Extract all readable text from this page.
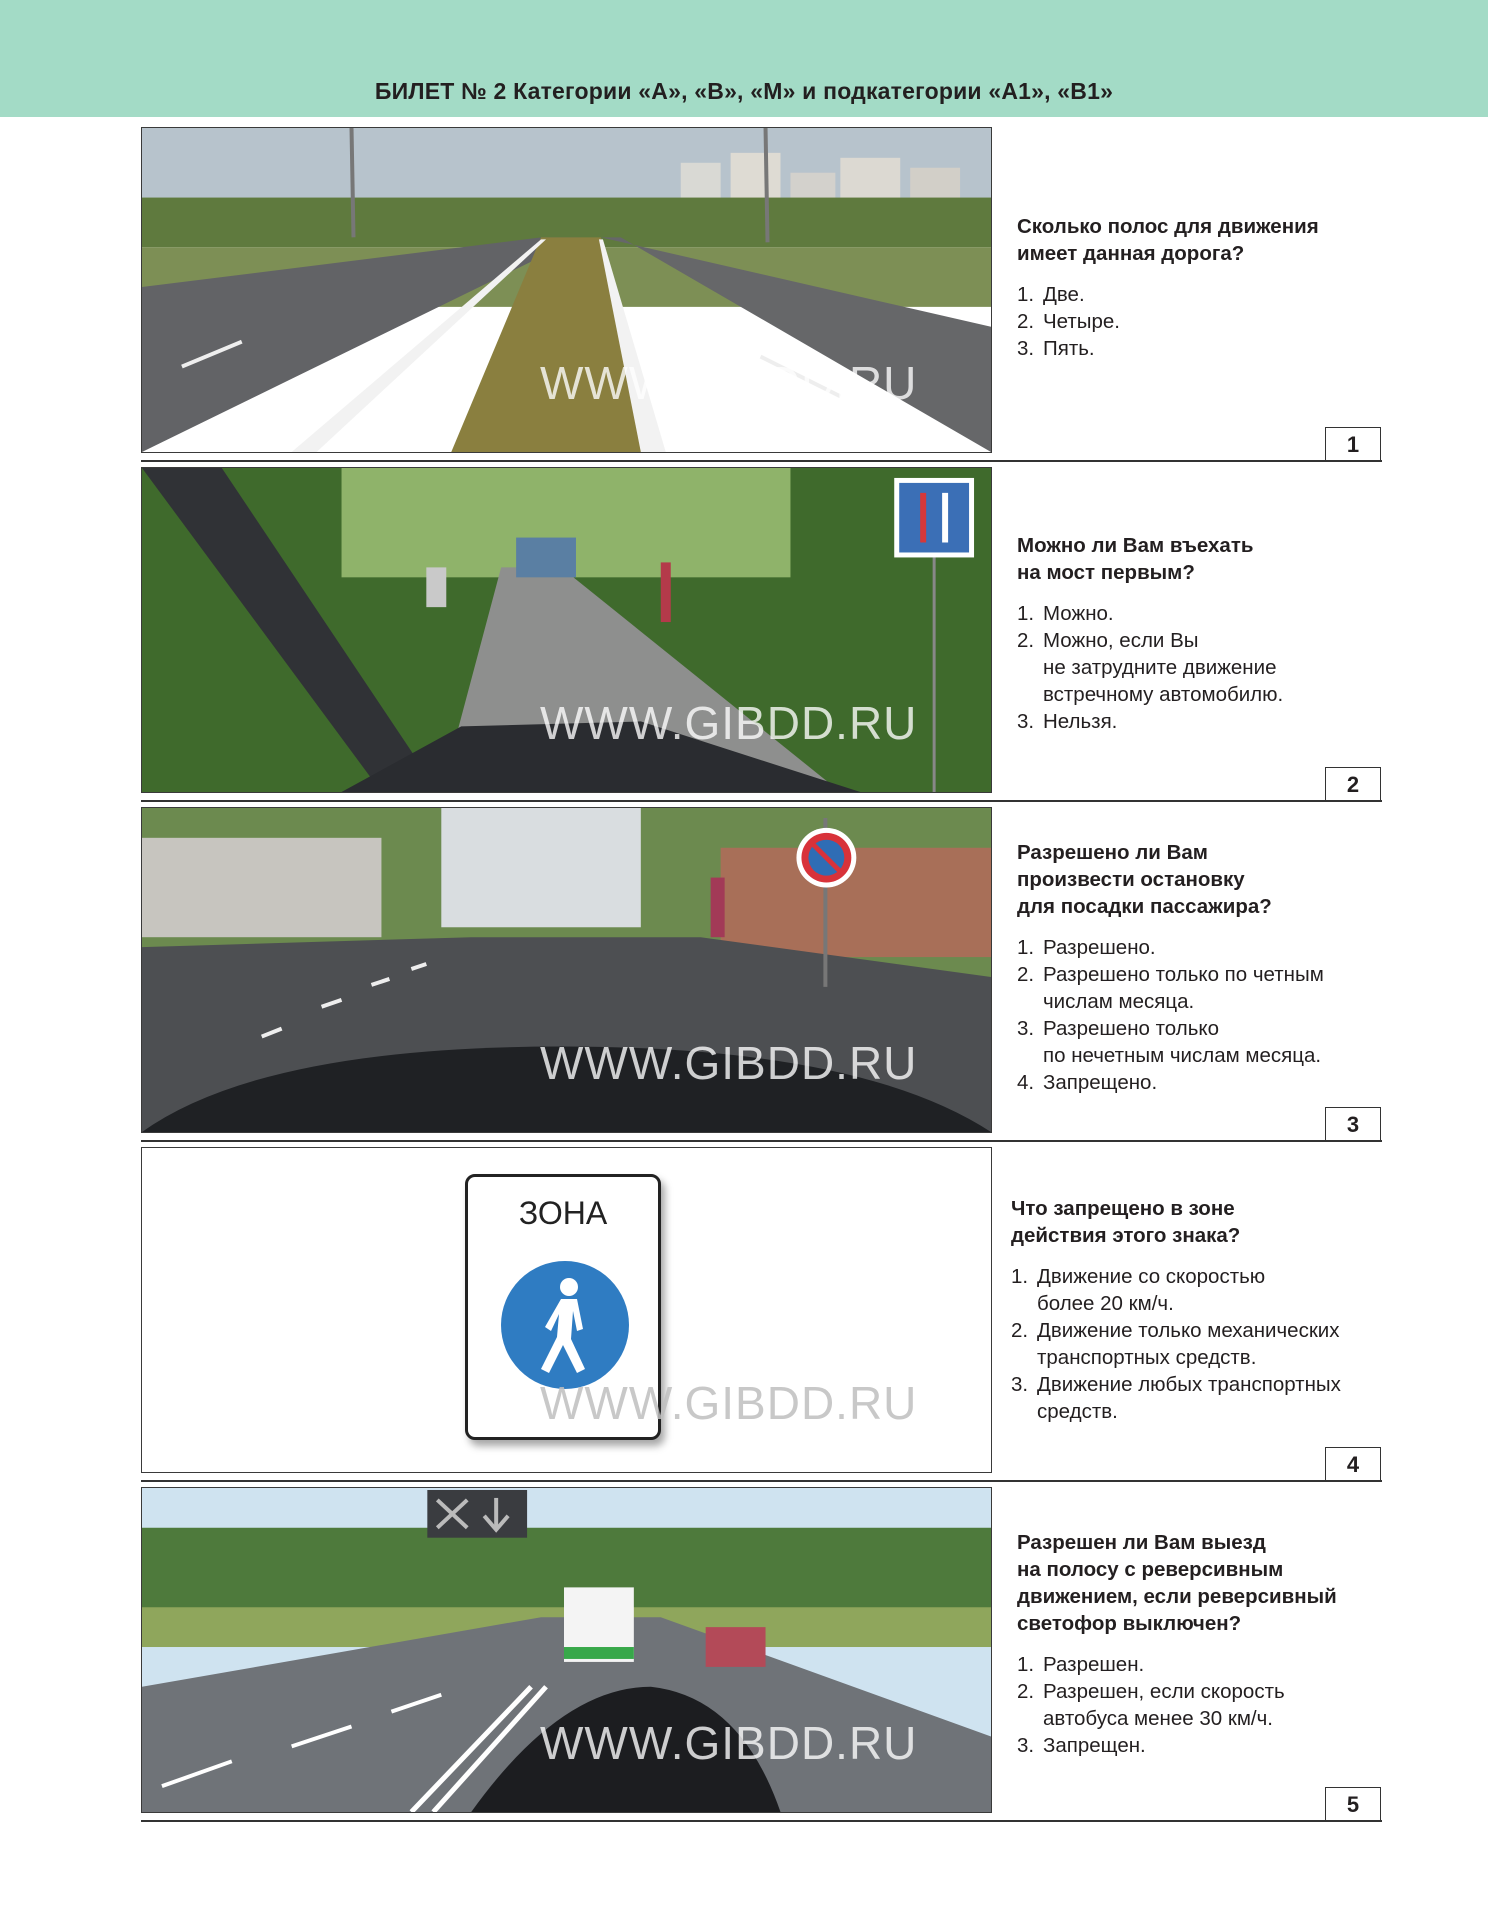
БИЛЕТ № 2 Категории «А», «В», «М» и подкатегории «А1», «В1»
WWW.GIBDD.RU
Сколько полос для движения
имеет данная дорога?
1. Две.
2. Четыре.
3. Пять.
1
WWW.GIBDD.RU
Можно ли Вам въехать
на мост первым?
1. Можно.
2. Можно, если Вы
не затрудните движение
встречному автомобилю.
3. Нельзя.
2
WWW.GIBDD.RU
Разрешено ли Вам
произвести остановку
для посадки пассажира?
1. Разрешено.
2. Разрешено только по четным
числам месяца.
3. Разрешено только
по нечетным числам месяца.
4. Запрещено.
3
ЗОНА
WWW.GIBDD.RU
Что запрещено в зоне
действия этого знака?
1. Движение со скоростью
более 20 км/ч.
2. Движение только механических
транспортных средств.
3. Движение любых транспортных
средств.
4
WWW.GIBDD.RU
Разрешен ли Вам выезд
на полосу с реверсивным
движением, если реверсивный
светофор выключен?
1. Разрешен.
2. Разрешен, если скорость
автобуса менее 30 км/ч.
3. Запрещен.
5
